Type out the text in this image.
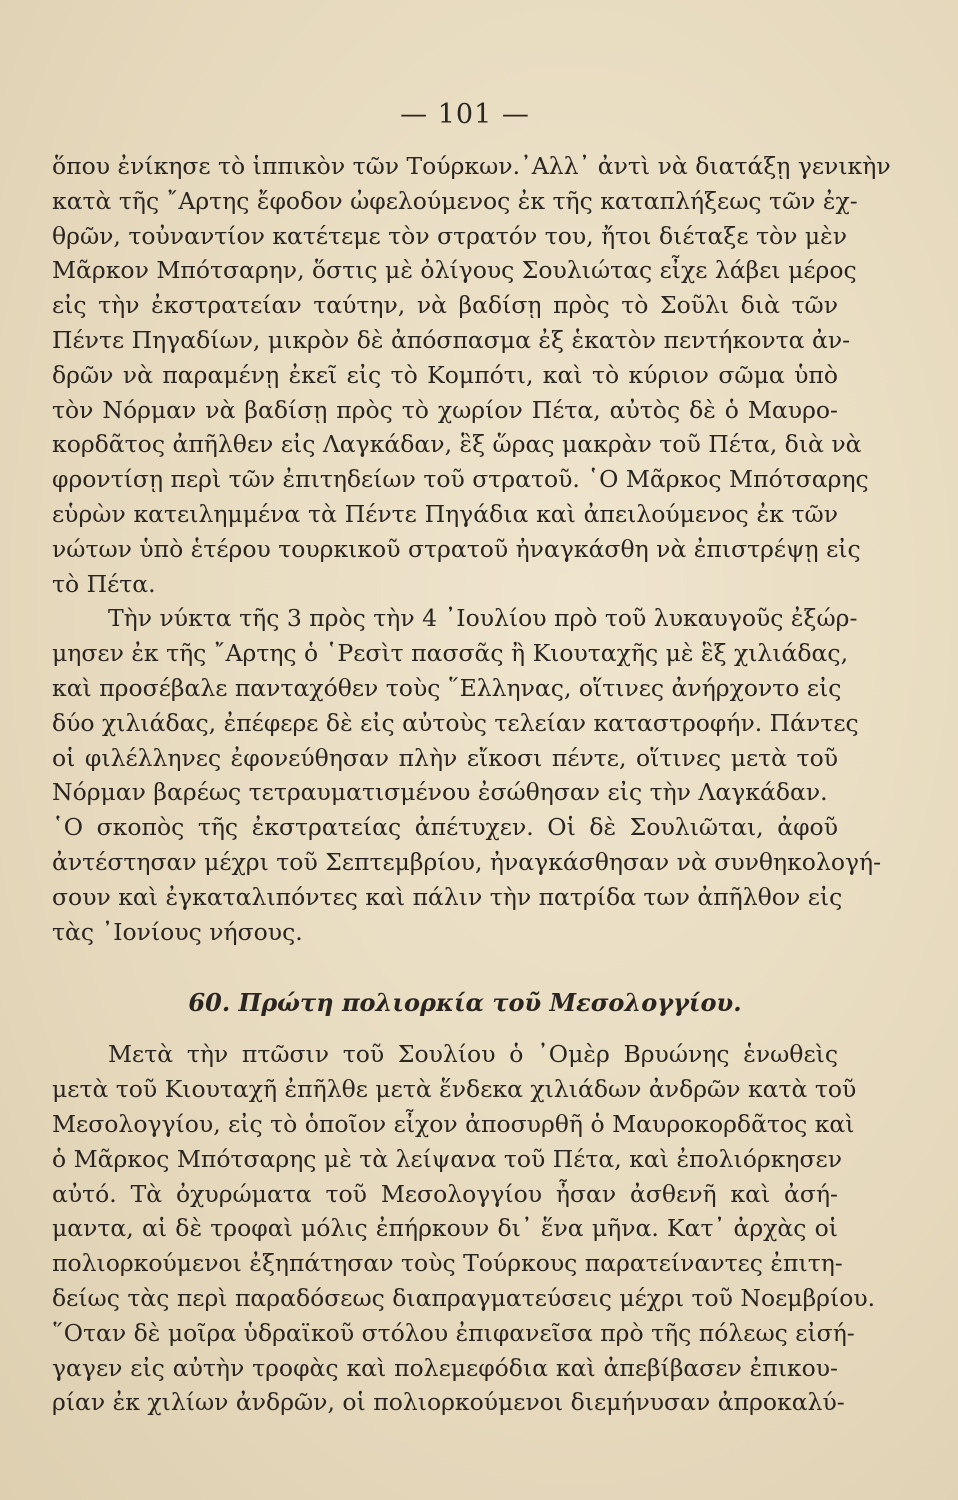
— 101 —
ὅπου ἐνίκησε τὸ ἱππικὸν τῶν Τούρκων.᾽Αλλ᾽ ἀντὶ νὰ διατάξῃ γενικὴν
κατὰ τῆς ῎Αρτης ἔφοδον ὠφελούμενος ἐκ τῆς καταπλήξεως τῶν ἐχ-
θρῶν, τοὐναντίον κατέτεμε τὸν στρατόν του, ἤτοι διέταξε τὸν μὲν
Μᾶρκον Μπότσαρην, ὅστις μὲ ὀλίγους Σουλιώτας εἶχε λάβει μέρος
εἰς τὴν ἐκστρατείαν ταύτην, νὰ βαδίσῃ πρὸς τὸ Σοῦλι διὰ τῶν
Πέντε Πηγαδίων, μικρὸν δὲ ἀπόσπασμα ἐξ ἑκατὸν πεντήκοντα ἀν-
δρῶν νὰ παραμένῃ ἐκεῖ εἰς τὸ Κομπότι, καὶ τὸ κύριον σῶμα ὑπὸ
τὸν Νόρμαν νὰ βαδίσῃ πρὸς τὸ χωρίον Πέτα, αὐτὸς δὲ ὁ Μαυρο-
κορδᾶτος ἀπῆλθεν εἰς Λαγκάδαν, ἓξ ὥρας μακρὰν τοῦ Πέτα, διὰ νὰ
φροντίσῃ περὶ τῶν ἐπιτηδείων τοῦ στρατοῦ. ῾Ο Μᾶρκος Μπότσαρης
εὑρὼν κατειλημμένα τὰ Πέντε Πηγάδια καὶ ἀπειλούμενος ἐκ τῶν
νώτων ὑπὸ ἑτέρου τουρκικοῦ στρατοῦ ἠναγκάσθη νὰ ἐπιστρέψῃ εἰς
τὸ Πέτα.
Τὴν νύκτα τῆς 3 πρὸς τὴν 4 ᾽Ιουλίου πρὸ τοῦ λυκαυγοῦς ἐξώρ-
μησεν ἐκ τῆς ῎Αρτης ὁ ῾Ρεσὶτ πασσᾶς ἢ Κιουταχῆς μὲ ἓξ χιλιάδας,
καὶ προσέβαλε πανταχόθεν τοὺς ῞Ελληνας, οἵτινες ἀνήρχοντο εἰς
δύο χιλιάδας, ἐπέφερε δὲ εἰς αὐτοὺς τελείαν καταστροφήν. Πάντες
οἱ φιλέλληνες ἐφονεύθησαν πλὴν εἴκοσι πέντε, οἵτινες μετὰ τοῦ
Νόρμαν βαρέως τετραυματισμένου ἐσώθησαν εἰς τὴν Λαγκάδαν.
῾Ο σκοπὸς τῆς ἐκστρατείας ἀπέτυχεν. Οἱ δὲ Σουλιῶται, ἀφοῦ
ἀντέστησαν μέχρι τοῦ Σεπτεμβρίου, ἠναγκάσθησαν νὰ συνθηκολογή-
σουν καὶ ἐγκαταλιπόντες καὶ πάλιν τὴν πατρίδα των ἀπῆλθον εἰς
τὰς ᾽Ιονίους νήσους.
60. Πρώτη πολιορκία τοῦ Μεσολογγίου.
Μετὰ τὴν πτῶσιν τοῦ Σουλίου ὁ ᾽Ομὲρ Βρυώνης ἑνωθεὶς
μετὰ τοῦ Κιουταχῆ ἐπῆλθε μετὰ ἕνδεκα χιλιάδων ἀνδρῶν κατὰ τοῦ
Μεσολογγίου, εἰς τὸ ὁποῖον εἶχον ἀποσυρθῆ ὁ Μαυροκορδᾶτος καὶ
ὁ Μᾶρκος Μπότσαρης μὲ τὰ λείψανα τοῦ Πέτα, καὶ ἐπολιόρκησεν
αὐτό. Τὰ ὀχυρώματα τοῦ Μεσολογγίου ἦσαν ἀσθενῆ καὶ ἀσή-
μαντα, αἱ δὲ τροφαὶ μόλις ἐπήρκουν δι᾽ ἕνα μῆνα. Κατ᾽ ἀρχὰς οἱ
πολιορκούμενοι ἐξηπάτησαν τοὺς Τούρκους παρατείναντες ἐπιτη-
δείως τὰς περὶ παραδόσεως διαπραγματεύσεις μέχρι τοῦ Νοεμβρίου.
῞Οταν δὲ μοῖρα ὑδραϊκοῦ στόλου ἐπιφανεῖσα πρὸ τῆς πόλεως εἰσή-
γαγεν εἰς αὐτὴν τροφὰς καὶ πολεμεφόδια καὶ ἀπεβίβασεν ἐπικου-
ρίαν ἐκ χιλίων ἀνδρῶν, οἱ πολιορκούμενοι διεμήνυσαν ἀπροκαλύ-
